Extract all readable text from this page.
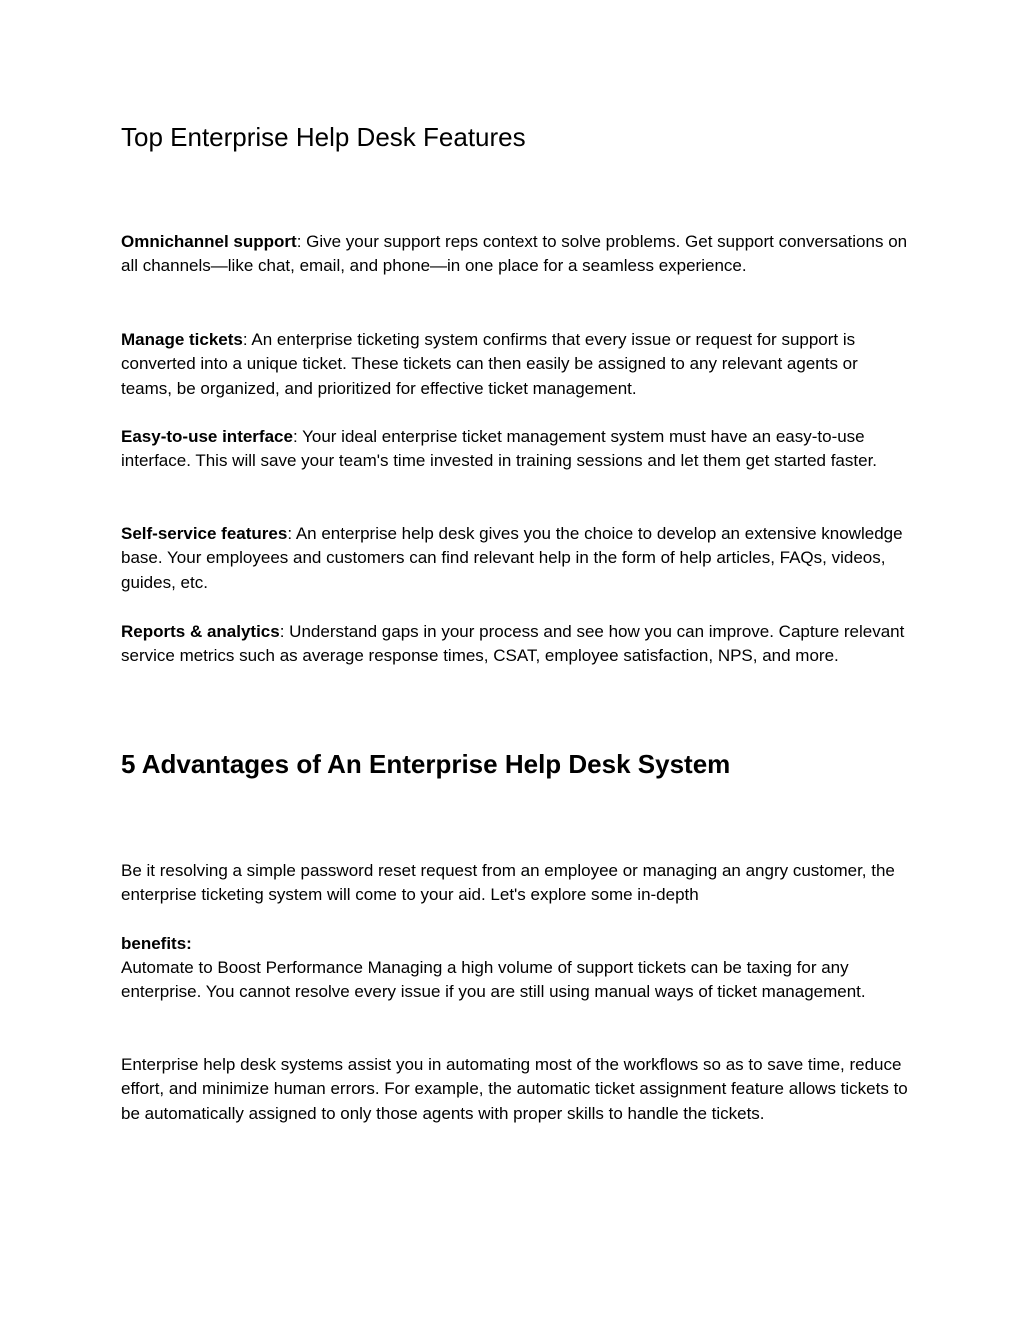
Top Enterprise Help Desk Features

Omnichannel support: Give your support reps context to solve problems. Get support conversations on all channels—like chat, email, and phone—in one place for a seamless experience.

Manage tickets: An enterprise ticketing system confirms that every issue or request for support is converted into a unique ticket. These tickets can then easily be assigned to any relevant agents or teams, be organized, and prioritized for effective ticket management.

Easy-to-use interface: Your ideal enterprise ticket management system must have an easy-to-use interface. This will save your team's time invested in training sessions and let them get started faster.

Self-service features: An enterprise help desk gives you the choice to develop an extensive knowledge base. Your employees and customers can find relevant help in the form of help articles, FAQs, videos, guides, etc.

Reports & analytics: Understand gaps in your process and see how you can improve. Capture relevant service metrics such as average response times, CSAT, employee satisfaction, NPS, and more.

5 Advantages of An Enterprise Help Desk System

Be it resolving a simple password reset request from an employee or managing an angry customer, the enterprise ticketing system will come to your aid. Let's explore some in-depth

benefits:

Automate to Boost Performance Managing a high volume of support tickets can be taxing for any enterprise. You cannot resolve every issue if you are still using manual ways of ticket management.

Enterprise help desk systems assist you in automating most of the workflows so as to save time, reduce effort, and minimize human errors. For example, the automatic ticket assignment feature allows tickets to be automatically assigned to only those agents with proper skills to handle the tickets.
